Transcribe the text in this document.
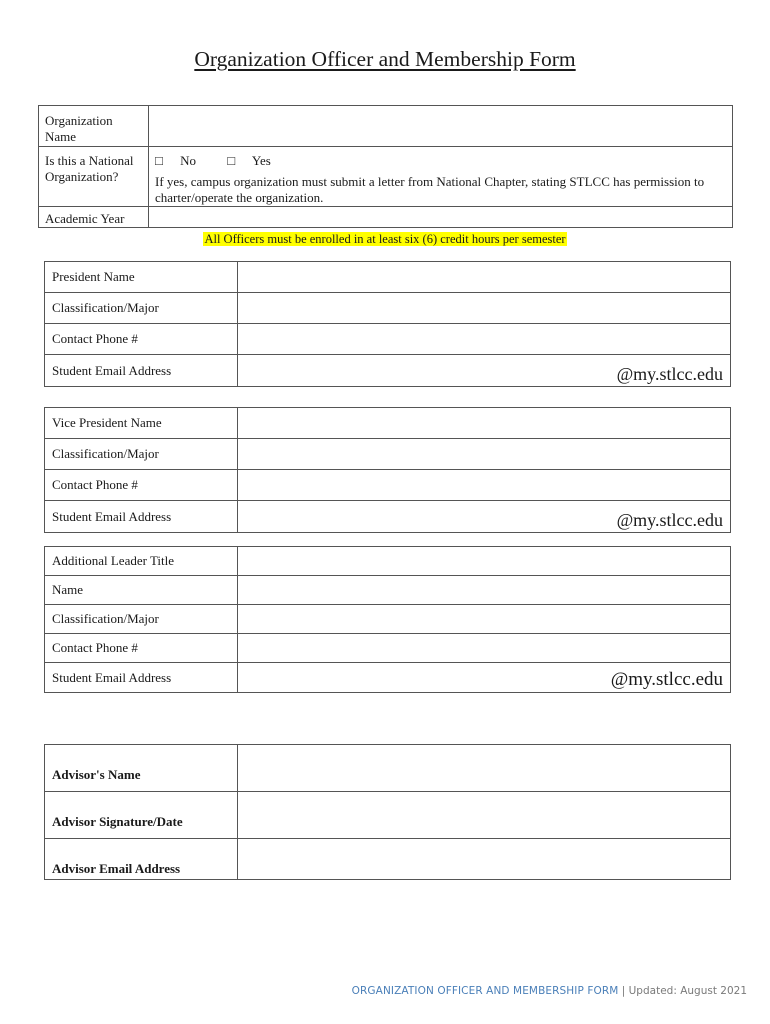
Organization Officer and Membership Form
Organization Name	
Is this a National Organization?	□ No □ Yes
If yes, campus organization must submit a letter from National Chapter, stating STLCC has permission to charter/operate the organization.

Academic Year	
All Officers must be enrolled in at least six (6) credit hours per semester
President Name	
Classification/Major	
Contact Phone #	
Student Email Address	@my.stlcc.edu
Vice President Name	
Classification/Major	
Contact Phone #	
Student Email Address	@my.stlcc.edu
Additional Leader Title	
Name	
Classification/Major	
Contact Phone #	
Student Email Address	@my.stlcc.edu
Advisor's Name	
Advisor Signature/Date	
Advisor Email Address	
ORGANIZATION OFFICER AND MEMBERSHIP FORM | Updated: August 2021
